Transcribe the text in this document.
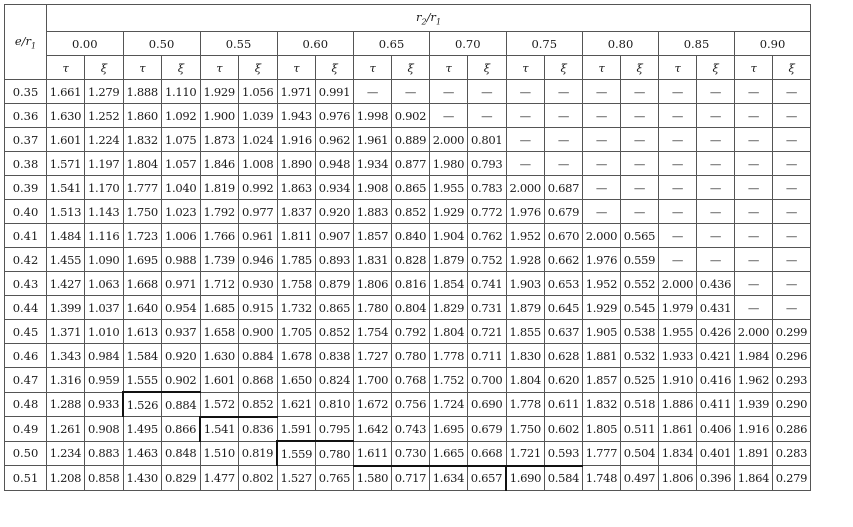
$e/r_1$	$r_2/r_1$
	0.00		0.50		0.55		0.60		0.65		0.70		0.75		0.80		0.85		0.90	
	τ	ξ	τ	ξ	τ	ξ	τ	ξ	τ	ξ	τ	ξ	τ	ξ	τ	ξ	τ	ξ	τ	ξ
0.35	1.661	1.279	1.888	1.110	1.929	1.056	1.971	0.991	—	—	—	—	—	—	—	—	—	—	—	—
0.36	1.630	1.252	1.860	1.092	1.900	1.039	1.943	0.976	1.998	0.902	—	—	—	—	—	—	—	—	—	—
0.37	1.601	1.224	1.832	1.075	1.873	1.024	1.916	0.962	1.961	0.889	2.000	0.801	—	—	—	—	—	—	—	—
0.38	1.571	1.197	1.804	1.057	1.846	1.008	1.890	0.948	1.934	0.877	1.980	0.793	—	—	—	—	—	—	—	—
0.39	1.541	1.170	1.777	1.040	1.819	0.992	1.863	0.934	1.908	0.865	1.955	0.783	2.000	0.687	—	—	—	—	—	—
0.40	1.513	1.143	1.750	1.023	1.792	0.977	1.837	0.920	1.883	0.852	1.929	0.772	1.976	0.679	—	—	—	—	—	—
0.41	1.484	1.116	1.723	1.006	1.766	0.961	1.811	0.907	1.857	0.840	1.904	0.762	1.952	0.670	2.000	0.565	—	—	—	—
0.42	1.455	1.090	1.695	0.988	1.739	0.946	1.785	0.893	1.831	0.828	1.879	0.752	1.928	0.662	1.976	0.559	—	—	—	—
0.43	1.427	1.063	1.668	0.971	1.712	0.930	1.758	0.879	1.806	0.816	1.854	0.741	1.903	0.653	1.952	0.552	2.000	0.436	—	—
0.44	1.399	1.037	1.640	0.954	1.685	0.915	1.732	0.865	1.780	0.804	1.829	0.731	1.879	0.645	1.929	0.545	1.979	0.431	—	—
0.45	1.371	1.010	1.613	0.937	1.658	0.900	1.705	0.852	1.754	0.792	1.804	0.721	1.855	0.637	1.905	0.538	1.955	0.426	2.000	0.299
0.46	1.343	0.984	1.584	0.920	1.630	0.884	1.678	0.838	1.727	0.780	1.778	0.711	1.830	0.628	1.881	0.532	1.933	0.421	1.984	0.296
0.47	1.316	0.959	1.555	0.902	1.601	0.868	1.650	0.824	1.700	0.768	1.752	0.700	1.804	0.620	1.857	0.525	1.910	0.416	1.962	0.293
0.48	1.288	0.933	1.526	0.884	1.572	0.852	1.621	0.810	1.672	0.756	1.724	0.690	1.778	0.611	1.832	0.518	1.886	0.411	1.939	0.290
0.49	1.261	0.908	1.495	0.866	1.541	0.836	1.591	0.795	1.642	0.743	1.695	0.679	1.750	0.602	1.805	0.511	1.861	0.406	1.916	0.286
0.50	1.234	0.883	1.463	0.848	1.510	0.819	1.559	0.780	1.611	0.730	1.665	0.668	1.721	0.593	1.777	0.504	1.834	0.401	1.891	0.283
0.51	1.208	0.858	1.430	0.829	1.477	0.802	1.527	0.765	1.580	0.717	1.634	0.657	1.690	0.584	1.748	0.497	1.806	0.396	1.864	0.279
